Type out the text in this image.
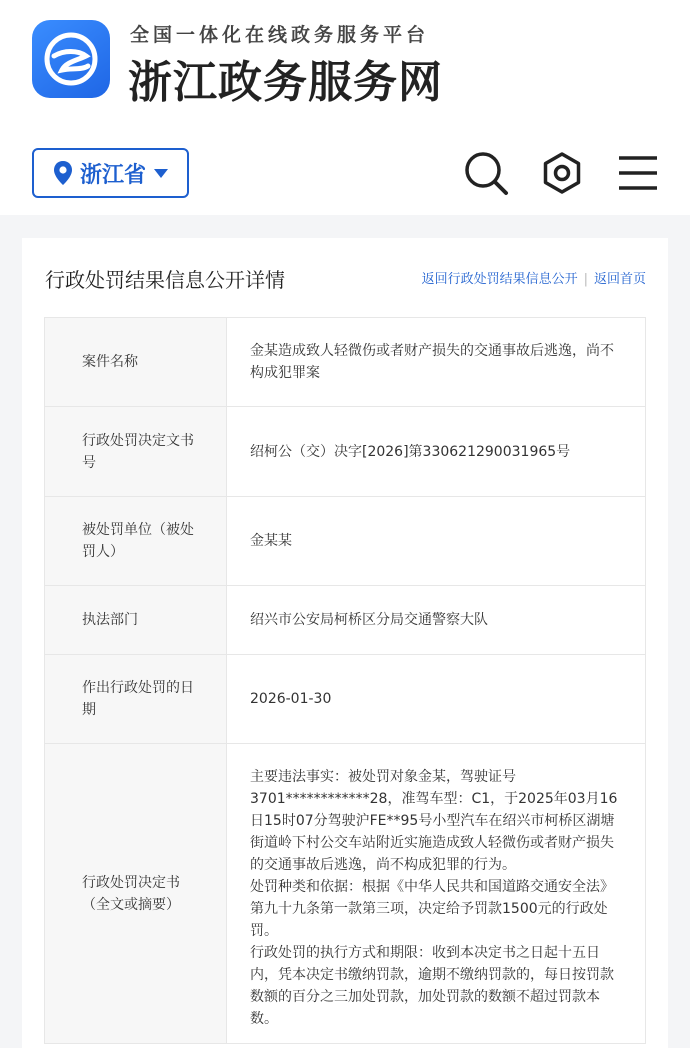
全国一体化在线政务服务平台
浙江政务服务网
浙江省
行政处罚结果信息公开详情	返回行政处罚结果信息公开 | 返回首页
案件名称
金某造成致人轻微伤或者财产损失的交通事故后逃逸，尚不构成犯罪案
行政处罚决定文书号
绍柯公（交）决字[2026]第330621290031965号
被处罚单位（被处罚人）
金某某
执法部门	绍兴市公安局柯桥区分局交通警察大队
作出行政处罚的日期
2026-01-30
行政处罚决定书（全文或摘要）

主要违法事实：被处罚对象金某，驾驶证号3701************28，准驾车型：C1，于2025年03月16日15时07分驾驶沪FE**95号小型汽车在绍兴市柯桥区湖塘街道岭下村公交车站附近实施造成致人轻微伤或者财产损失的交通事故后逃逸，尚不构成犯罪的行为。

处罚种类和依据：根据《中华人民共和国道路交通安全法》第九十九条第一款第三项，决定给予罚款1500元的行政处罚。

行政处罚的执行方式和期限：收到本决定书之日起十五日内，凭本决定书缴纳罚款，逾期不缴纳罚款的，每日按罚款数额的百分之三加处罚款，加处罚款的数额不超过罚款本数。
